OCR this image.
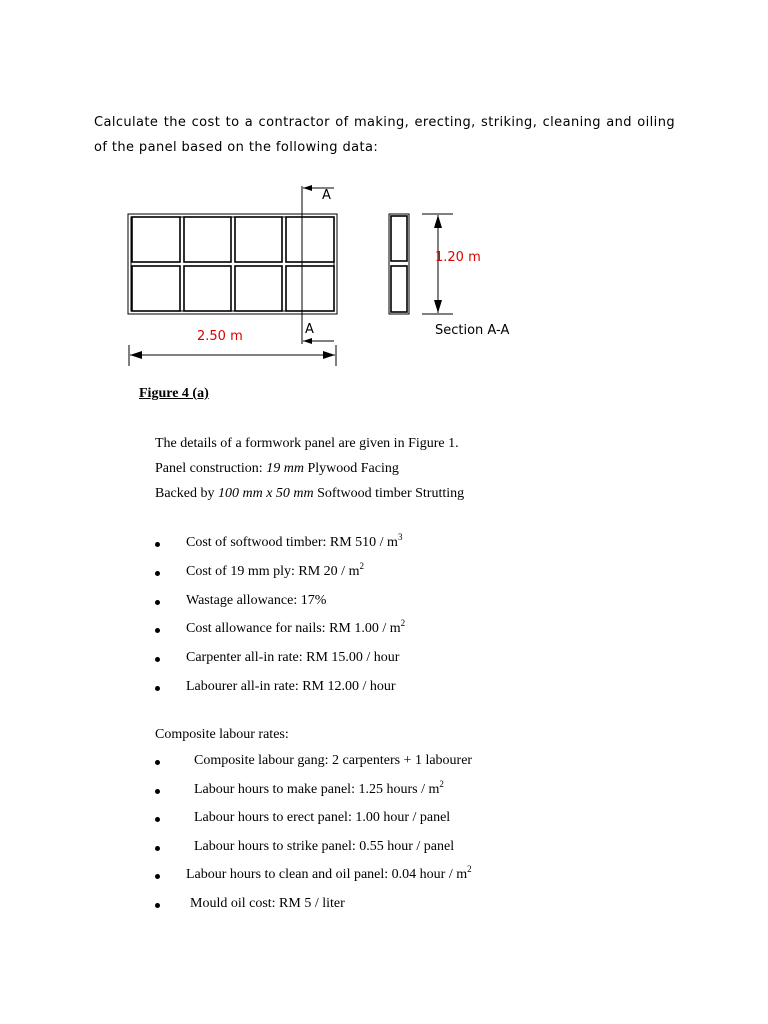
Calculate the cost to a contractor of making, erecting, striking, cleaning and oiling of the panel based on the following data:
A
A
2.50 m
1.20 m
Section A-A
Figure 4 (a)
The details of a formwork panel are given in Figure 1.
Panel construction: 19 mm Plywood Facing
Backed by 100 mm x 50 mm Softwood timber Strutting
Cost of softwood timber: RM $510 / m^3$
Cost of 19 mm ply: RM $20 / m^2$
Wastage allowance: 17%
Cost allowance for nails: RM $1.00 / m^2$
Carpenter all-in rate: RM 15.00 / hour
Labourer all-in rate: RM 12.00 / hour
Composite labour rates:
Composite labour gang: 2 carpenters + 1 labourer
Labour hours to make panel: 1.25 hours / $m^2$
Labour hours to erect panel: 1.00 hour / panel
Labour hours to strike panel: 0.55 hour / panel
Labour hours to clean and oil panel: 0.04 hour / $m^2$
Mould oil cost: RM 5 / liter
